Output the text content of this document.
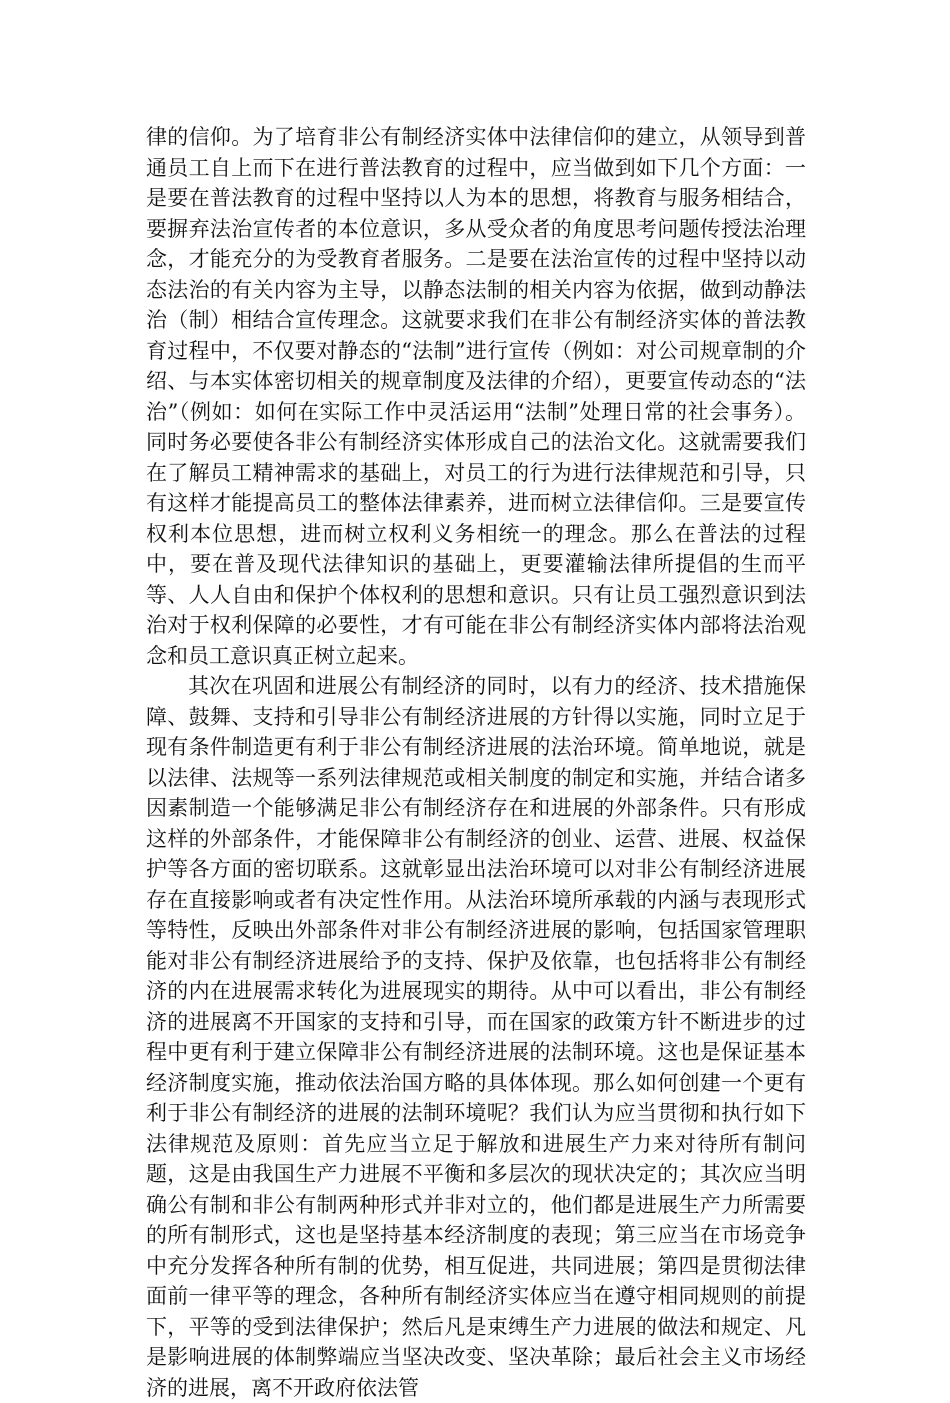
律的信仰。为了培育非公有制经济实体中法律信仰的建立，从领导到普通员工自上而下在进行普法教育的过程中，应当做到如下几个方面：一是要在普法教育的过程中坚持以人为本的思想，将教育与服务相结合，要摒弃法治宣传者的本位意识，多从受众者的角度思考问题传授法治理念，才能充分的为受教育者服务。二是要在法治宣传的过程中坚持以动态法治的有关内容为主导，以静态法制的相关内容为依据，做到动静法治（制）相结合宣传理念。这就要求我们在非公有制经济实体的普法教育过程中，不仅要对静态的“法制”进行宣传（例如：对公司规章制的介绍、与本实体密切相关的规章制度及法律的介绍），更要宣传动态的“法治”（例如：如何在实际工作中灵活运用“法制”处理日常的社会事务）。同时务必要使各非公有制经济实体形成自己的法治文化。这就需要我们在了解员工精神需求的基础上，对员工的行为进行法律规范和引导，只有这样才能提高员工的整体法律素养，进而树立法律信仰。三是要宣传权利本位思想，进而树立权利义务相统一的理念。那么在普法的过程中，要在普及现代法律知识的基础上，更要灌输法律所提倡的生而平等、人人自由和保护个体权利的思想和意识。只有让员工强烈意识到法治对于权利保障的必要性，才有可能在非公有制经济实体内部将法治观念和员工意识真正树立起来。

其次在巩固和进展公有制经济的同时，以有力的经济、技术措施保障、鼓舞、支持和引导非公有制经济进展的方针得以实施，同时立足于现有条件制造更有利于非公有制经济进展的法治环境。简单地说，就是以法律、法规等一系列法律规范或相关制度的制定和实施，并结合诸多因素制造一个能够满足非公有制经济存在和进展的外部条件。只有形成这样的外部条件，才能保障非公有制经济的创业、运营、进展、权益保护等各方面的密切联系。这就彰显出法治环境可以对非公有制经济进展存在直接影响或者有决定性作用。从法治环境所承载的内涵与表现形式等特性，反映出外部条件对非公有制经济进展的影响，包括国家管理职能对非公有制经济进展给予的支持、保护及依靠，也包括将非公有制经济的内在进展需求转化为进展现实的期待。从中可以看出，非公有制经济的进展离不开国家的支持和引导，而在国家的政策方针不断进步的过程中更有利于建立保障非公有制经济进展的法制环境。这也是保证基本经济制度实施，推动依法治国方略的具体体现。那么如何创建一个更有利于非公有制经济的进展的法制环境呢？我们认为应当贯彻和执行如下法律规范及原则：首先应当立足于解放和进展生产力来对待所有制问题，这是由我国生产力进展不平衡和多层次的现状决定的；其次应当明确公有制和非公有制两种形式并非对立的，他们都是进展生产力所需要的所有制形式，这也是坚持基本经济制度的表现；第三应当在市场竞争中充分发挥各种所有制的优势，相互促进，共同进展；第四是贯彻法律面前一律平等的理念，各种所有制经济实体应当在遵守相同规则的前提下，平等的受到法律保护；然后凡是束缚生产力进展的做法和规定、凡是影响进展的体制弊端应当坚决改变、坚决革除；最后社会主义市场经济的进展，离不开政府依法管
